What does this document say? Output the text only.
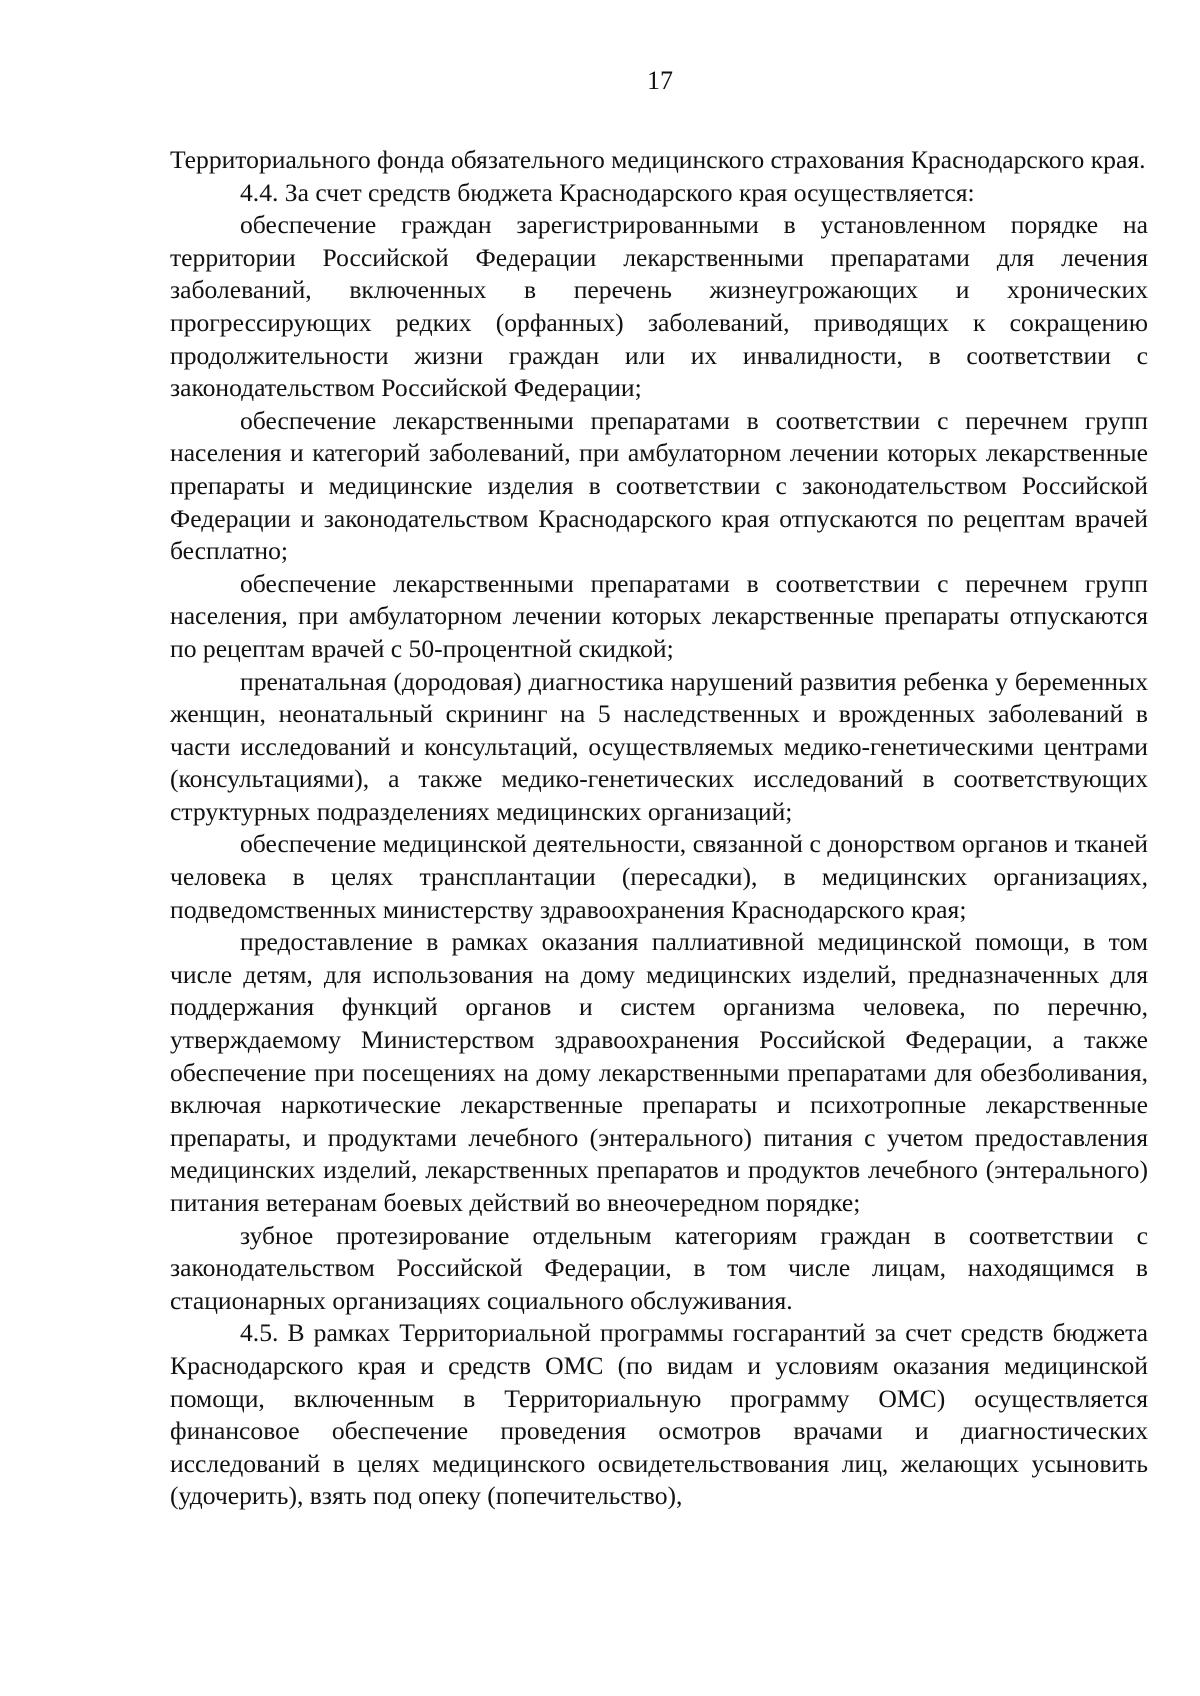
17

Территориального фонда обязательного медицинского страхования Краснодарского края.

4.4. За счет средств бюджета Краснодарского края осуществляется:

обеспечение граждан зарегистрированными в установленном порядке на территории Российской Федерации лекарственными препаратами для лечения заболеваний, включенных в перечень жизнеугрожающих и хронических прогрессирующих редких (орфанных) заболеваний, приводящих к сокращению продолжительности жизни граждан или их инвалидности, в соответствии с законодательством Российской Федерации;

обеспечение лекарственными препаратами в соответствии с перечнем групп населения и категорий заболеваний, при амбулаторном лечении которых лекарственные препараты и медицинские изделия в соответствии с законодательством Российской Федерации и законодательством Краснодарского края отпускаются по рецептам врачей бесплатно;

обеспечение лекарственными препаратами в соответствии с перечнем групп населения, при амбулаторном лечении которых лекарственные препараты отпускаются по рецептам врачей с 50-процентной скидкой;

пренатальная (дородовая) диагностика нарушений развития ребенка у беременных женщин, неонатальный скрининг на 5 наследственных и врожденных заболеваний в части исследований и консультаций, осуществляемых медико-генетическими центрами (консультациями), а также медико-генетических исследований в соответствующих структурных подразделениях медицинских организаций;

обеспечение медицинской деятельности, связанной с донорством органов и тканей человека в целях трансплантации (пересадки), в медицинских организациях, подведомственных министерству здравоохранения Краснодарского края;

предоставление в рамках оказания паллиативной медицинской помощи, в том числе детям, для использования на дому медицинских изделий, предназначенных для поддержания функций органов и систем организма человека, по перечню, утверждаемому Министерством здравоохранения Российской Федерации, а также обеспечение при посещениях на дому лекарственными препаратами для обезболивания, включая наркотические лекарственные препараты и психотропные лекарственные препараты, и продуктами лечебного (энтерального) питания с учетом предоставления медицинских изделий, лекарственных препаратов и продуктов лечебного (энтерального) питания ветеранам боевых действий во внеочередном порядке;

зубное протезирование отдельным категориям граждан в соответствии с законодательством Российской Федерации, в том числе лицам, находящимся в стационарных организациях социального обслуживания.

4.5. В рамках Территориальной программы госгарантий за счет средств бюджета Краснодарского края и средств ОМС (по видам и условиям оказания медицинской помощи, включенным в Территориальную программу ОМС) осуществляется финансовое обеспечение проведения осмотров врачами и диагностических исследований в целях медицинского освидетельствования лиц, желающих усыновить (удочерить), взять под опеку (попечительство),
